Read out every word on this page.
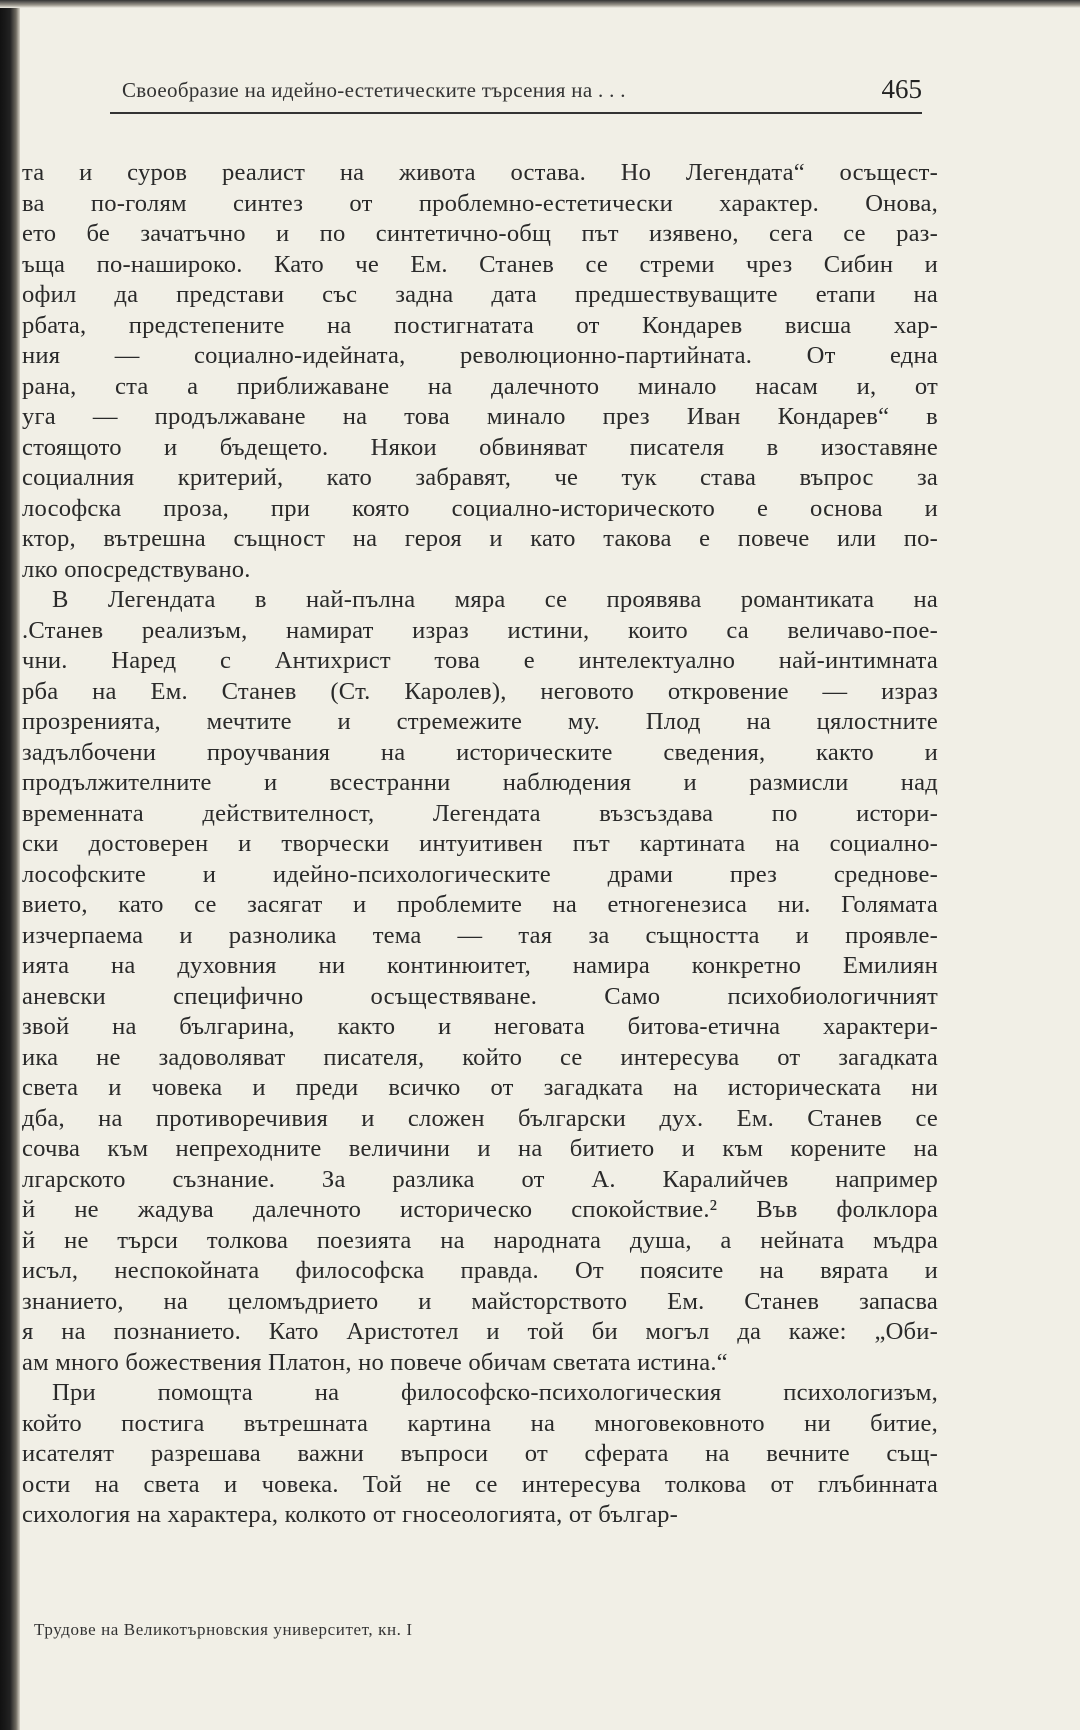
Своеобразие на идейно-естетическите търсения на . . .	465
та и суров реалист на живота остава. Но Легендата“ осъщест-
ва по-голям синтез от проблемно-естетически характер. Онова,
ето бе зачатъчно и по синтетично-общ път изявено, сега се раз-
ъща по-нашироко. Като че Ем. Станев се стреми чрез Сибин и
офил да представи със задна дата предшествуващите етапи на
рбата, предстепените на постигнатата от Кондарев висша хар-
ния — социално-идейната, революционно-партийната. От една
рана, ста а приближаване на далечното минало насам и, от
уга — продължаване на това минало през Иван Кондарев“ в
стоящото и бъдещето. Някои обвиняват писателя в изоставяне
социалния критерий, като забравят, че тук става въпрос за
лософска проза, при която социално-историческото е основа и
ктор, вътрешна същност на героя и като такова е повече или по-
лко опосредствувано.
В Легендата в най-пълна мяра се проявява романтиката на
.Станев реализъм, намират израз истини, които са величаво-пое-
чни. Наред с Антихрист това е интелектуално най-интимната
рба на Ем. Станев (Ст. Каролев), неговото откровение — израз
прозренията, мечтите и стремежите му. Плод на цялостните
задълбочени проучвания на историческите сведения, както и
продължителните и всестранни наблюдения и размисли над
временната действителност, Легендата възсъздава по истори-
ски достоверен и творчески интуитивен път картината на социално-
лософските и идейно-психологическите драми през среднове-
вието, като се засягат и проблемите на етногенезиса ни. Голямата
изчерпаема и разнолика тема — тая за същността и проявле-
ията на духовния ни континюитет, намира конкретно Емилиян
аневски специфично осъществяване. Само психобиологичният
звой на българина, както и неговата битова-етична характери-
ика не задоволяват писателя, който се интересува от загадката
света и човека и преди всичко от загадката на историческата ни
дба, на противоречивия и сложен български дух. Ем. Станев се
сочва към непреходните величини и на битието и към корените на
лгарското съзнание. За разлика от А. Каралийчев например
й не жадува далечното историческо спокойствие.² Във фолклора
й не търси толкова поезията на народната душа, а нейната мъдра
исъл, неспокойната философска правда. От поясите на вярата и
знанието, на целомъдрието и майсторството Ем. Станев запасва
я на познанието. Като Аристотел и той би могъл да каже: „Оби-
ам много божествения Платон, но повече обичам светата истина.“
При помощта на философско-психологическия психологизъм,
който постига вътрешната картина на многовековното ни битие,
исателят разрешава важни въпроси от сферата на вечните същ-
ости на света и човека. Той не се интересува толкова от глъбинната
сихология на характера, колкото от гносеологията, от българ-
Трудове на Великотърновския университет, кн. I
